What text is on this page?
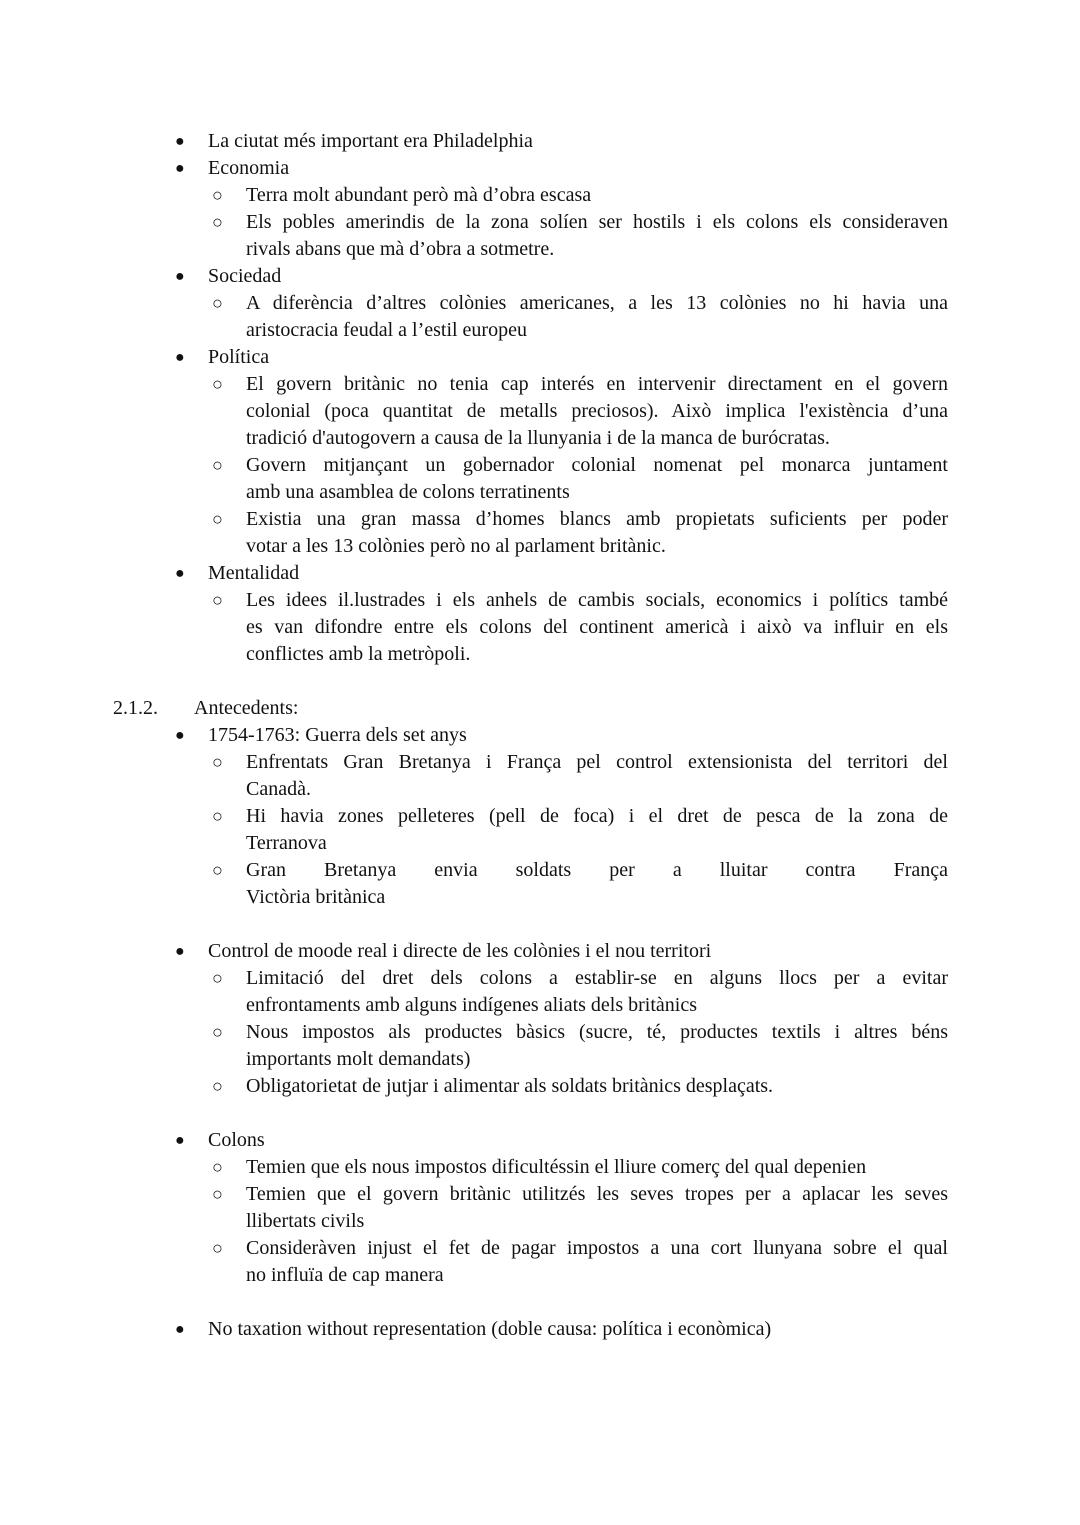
● La ciutat més important era Philadelphia
● Economia
○ Terra molt abundant però mà d’obra escasa
○ Els pobles amerindis de la zona solíen ser hostils i els colons els consideraven
rivals abans que mà d’obra a sotmetre.
● Sociedad
○ A diferència d’altres colònies americanes, a les 13 colònies no hi havia una
aristocracia feudal a l’estil europeu
● Política
○ El govern britànic no tenia cap interés en intervenir directament en el govern
colonial (poca quantitat de metalls preciosos). Això implica l'existència d’una
tradició d'autogovern a causa de la llunyania i de la manca de burócratas.
○ Govern mitjançant un gobernador colonial nomenat pel monarca juntament
amb una asamblea de colons terratinents
○ Existia una gran massa d’homes blancs amb propietats suficients per poder
votar a les 13 colònies però no al parlament britànic.
● Mentalidad
○ Les idees il.lustrades i els anhels de cambis socials, economics i polítics també
es van difondre entre els colons del continent americà i això va influir en els
conflictes amb la metròpoli.
2.1.2. Antecedents:
● 1754-1763: Guerra dels set anys
○ Enfrentats Gran Bretanya i França pel control extensionista del territori del
Canadà.
○ Hi havia zones pelleteres (pell de foca) i el dret de pesca de la zona de
Terranova
○ Gran Bretanya envia soldats per a lluitar contra França
Victòria britànica
● Control de moode real i directe de les colònies i el nou territori
○ Limitació del dret dels colons a establir-se en alguns llocs per a evitar
enfrontaments amb alguns indígenes aliats dels britànics
○ Nous impostos als productes bàsics (sucre, té, productes textils i altres béns
importants molt demandats)
○ Obligatorietat de jutjar i alimentar als soldats britànics desplaçats.
● Colons
○ Temien que els nous impostos dificultéssin el lliure comerç del qual depenien
○ Temien que el govern britànic utilitzés les seves tropes per a aplacar les seves
llibertats civils
○ Consideràven injust el fet de pagar impostos a una cort llunyana sobre el qual
no influïa de cap manera
● No taxation without representation (doble causa: política i econòmica)
